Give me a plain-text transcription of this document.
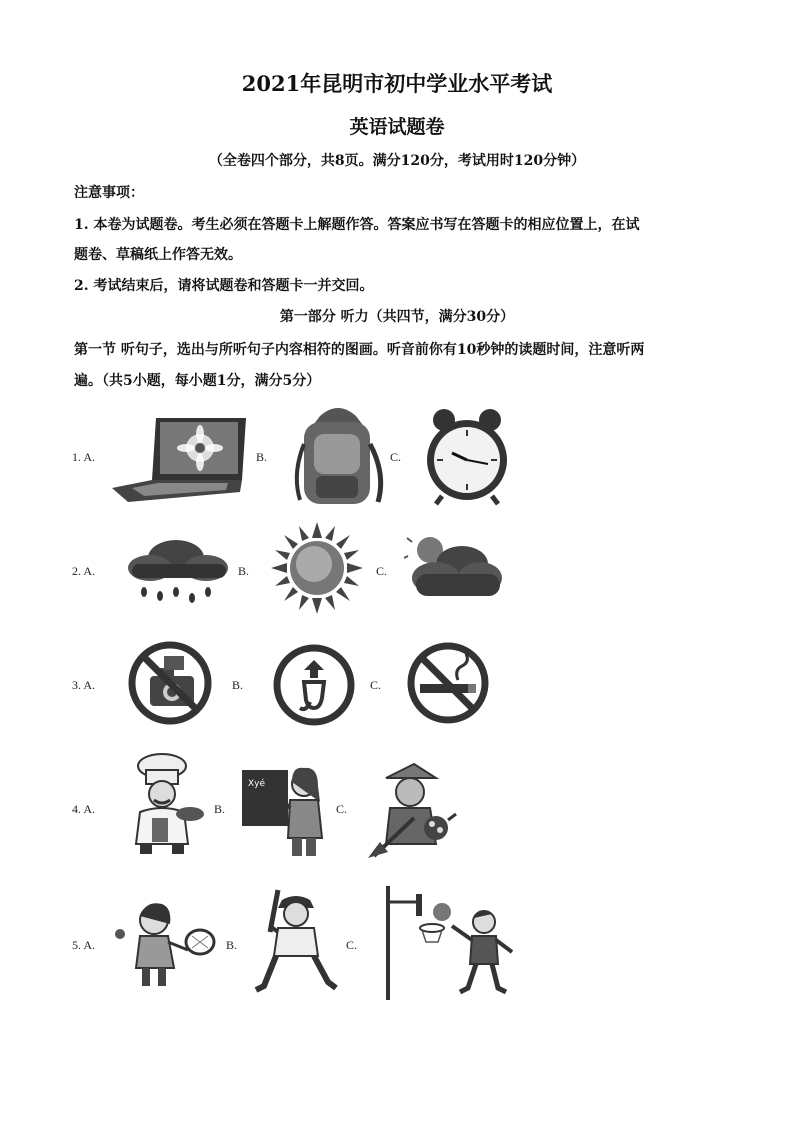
2021年昆明市初中学业水平考试
英语试题卷
（全卷四个部分，共8页。满分120分，考试用时120分钟）
注意事项：
1. 本卷为试题卷。考生必须在答题卡上解题作答。答案应书写在答题卡的相应位置上，在试
题卷、草稿纸上作答无效。
2. 考试结束后，请将试题卷和答题卡一并交回。
第一部分 听力（共四节，满分30分）
第一节 听句子，选出与所听句子内容相符的图画。听音前你有10秒钟的读题时间，注意听两
遍。（共5小题，每小题1分，满分5分）
1. A.	B.	C.
2. A.	B.	C.
3. A.	B.	C.
4. A.	B.
Xyé
C.
5. A.	B.	C.
